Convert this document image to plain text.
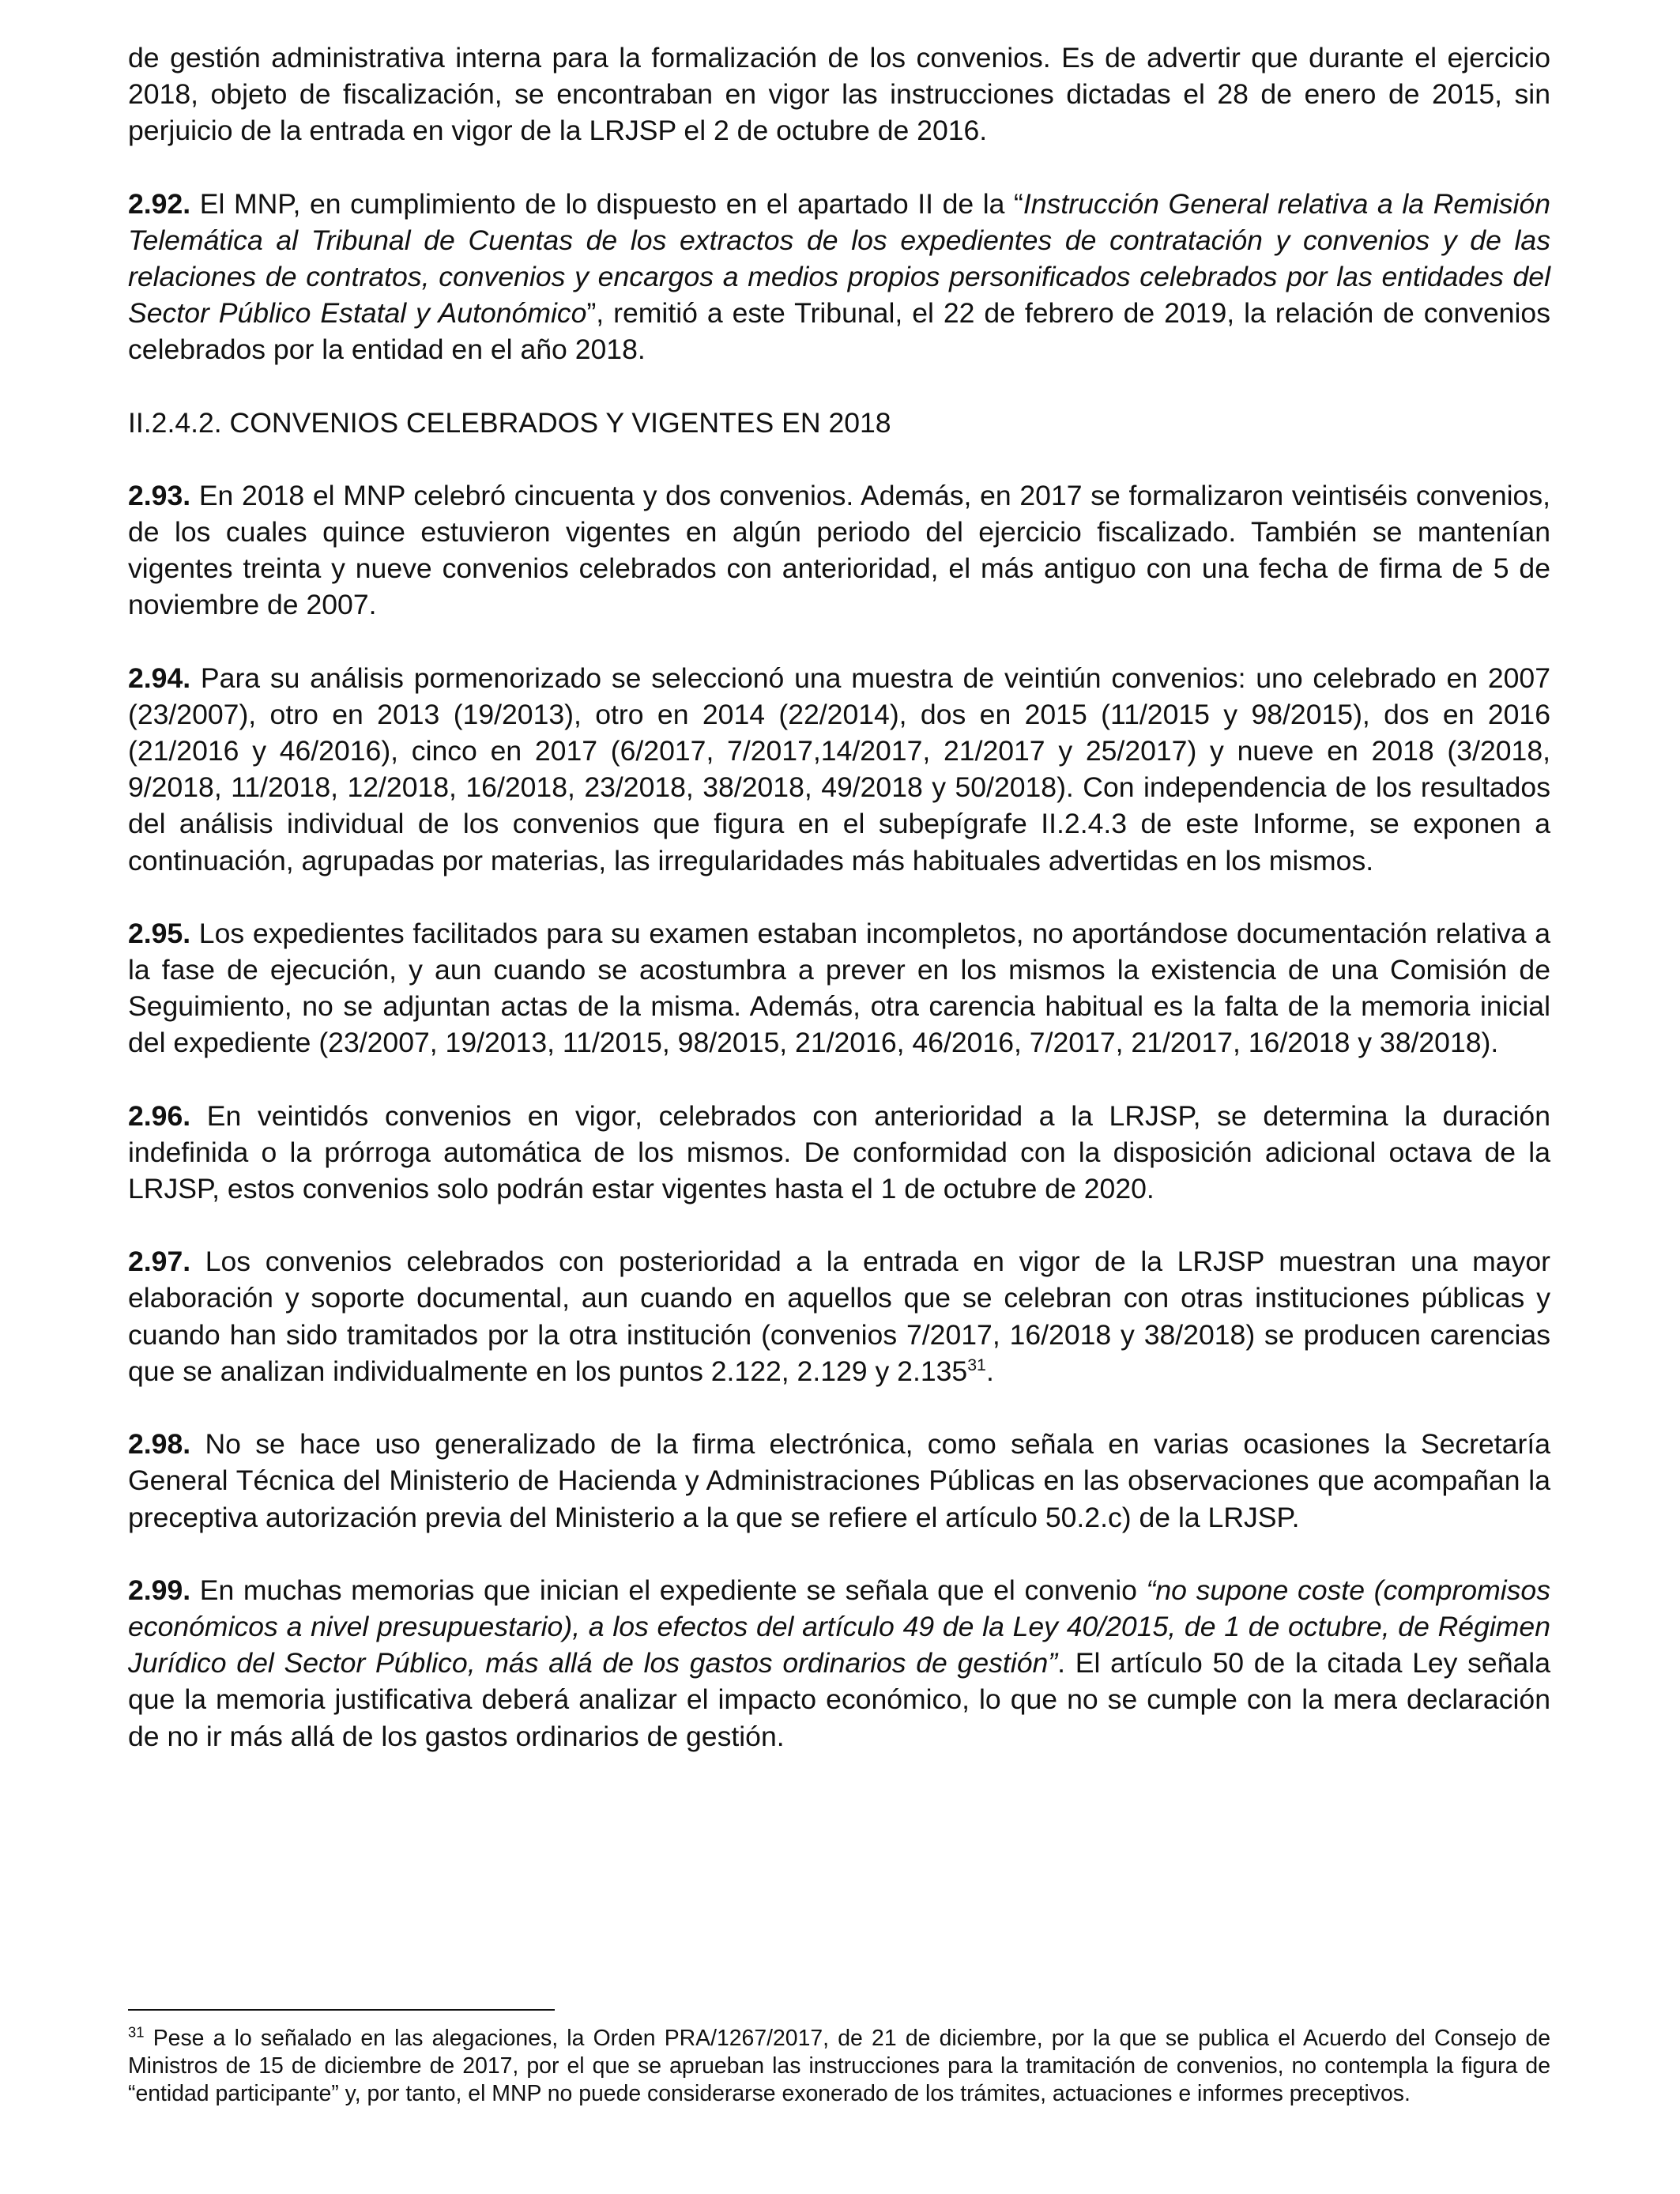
de gestión administrativa interna para la formalización de los convenios. Es de advertir que durante el ejercicio 2018, objeto de fiscalización, se encontraban en vigor las instrucciones dictadas el 28 de enero de 2015, sin perjuicio de la entrada en vigor de la LRJSP el 2 de octubre de 2016.

2.92. El MNP, en cumplimiento de lo dispuesto en el apartado II de la “Instrucción General relativa a la Remisión Telemática al Tribunal de Cuentas de los extractos de los expedientes de contratación y convenios y de las relaciones de contratos, convenios y encargos a medios propios personificados celebrados por las entidades del Sector Público Estatal y Autonómico”, remitió a este Tribunal, el 22 de febrero de 2019, la relación de convenios celebrados por la entidad en el año 2018.

II.2.4.2. CONVENIOS CELEBRADOS Y VIGENTES EN 2018

2.93. En 2018 el MNP celebró cincuenta y dos convenios. Además, en 2017 se formalizaron veintiséis convenios, de los cuales quince estuvieron vigentes en algún periodo del ejercicio fiscalizado. También se mantenían vigentes treinta y nueve convenios celebrados con anterioridad, el más antiguo con una fecha de firma de 5 de noviembre de 2007.

2.94. Para su análisis pormenorizado se seleccionó una muestra de veintiún convenios: uno celebrado en 2007 (23/2007), otro en 2013 (19/2013), otro en 2014 (22/2014), dos en 2015 (11/2015 y 98/2015), dos en 2016 (21/2016 y 46/2016), cinco en 2017 (6/2017, 7/2017,14/2017, 21/2017 y 25/2017) y nueve en 2018 (3/2018, 9/2018, 11/2018, 12/2018, 16/2018, 23/2018, 38/2018, 49/2018 y 50/2018). Con independencia de los resultados del análisis individual de los convenios que figura en el subepígrafe II.2.4.3 de este Informe, se exponen a continuación, agrupadas por materias, las irregularidades más habituales advertidas en los mismos.

2.95. Los expedientes facilitados para su examen estaban incompletos, no aportándose documentación relativa a la fase de ejecución, y aun cuando se acostumbra a prever en los mismos la existencia de una Comisión de Seguimiento, no se adjuntan actas de la misma. Además, otra carencia habitual es la falta de la memoria inicial del expediente (23/2007, 19/2013, 11/2015, 98/2015, 21/2016, 46/2016, 7/2017, 21/2017, 16/2018 y 38/2018).

2.96. En veintidós convenios en vigor, celebrados con anterioridad a la LRJSP, se determina la duración indefinida o la prórroga automática de los mismos. De conformidad con la disposición adicional octava de la LRJSP, estos convenios solo podrán estar vigentes hasta el 1 de octubre de 2020.

2.97. Los convenios celebrados con posterioridad a la entrada en vigor de la LRJSP muestran una mayor elaboración y soporte documental, aun cuando en aquellos que se celebran con otras instituciones públicas y cuando han sido tramitados por la otra institución (convenios 7/2017, 16/2018 y 38/2018) se producen carencias que se analizan individualmente en los puntos 2.122, 2.129 y 2.135$^{31}$.

2.98. No se hace uso generalizado de la firma electrónica, como señala en varias ocasiones la Secretaría General Técnica del Ministerio de Hacienda y Administraciones Públicas en las observaciones que acompañan la preceptiva autorización previa del Ministerio a la que se refiere el artículo 50.2.c) de la LRJSP.

2.99. En muchas memorias que inician el expediente se señala que el convenio “no supone coste (compromisos económicos a nivel presupuestario), a los efectos del artículo 49 de la Ley 40/2015, de 1 de octubre, de Régimen Jurídico del Sector Público, más allá de los gastos ordinarios de gestión”. El artículo 50 de la citada Ley señala que la memoria justificativa deberá analizar el impacto económico, lo que no se cumple con la mera declaración de no ir más allá de los gastos ordinarios de gestión.

$^{31}$ Pese a lo señalado en las alegaciones, la Orden PRA/1267/2017, de 21 de diciembre, por la que se publica el Acuerdo del Consejo de Ministros de 15 de diciembre de 2017, por el que se aprueban las instrucciones para la tramitación de convenios, no contempla la figura de “entidad participante” y, por tanto, el MNP no puede considerarse exonerado de los trámites, actuaciones e informes preceptivos.
